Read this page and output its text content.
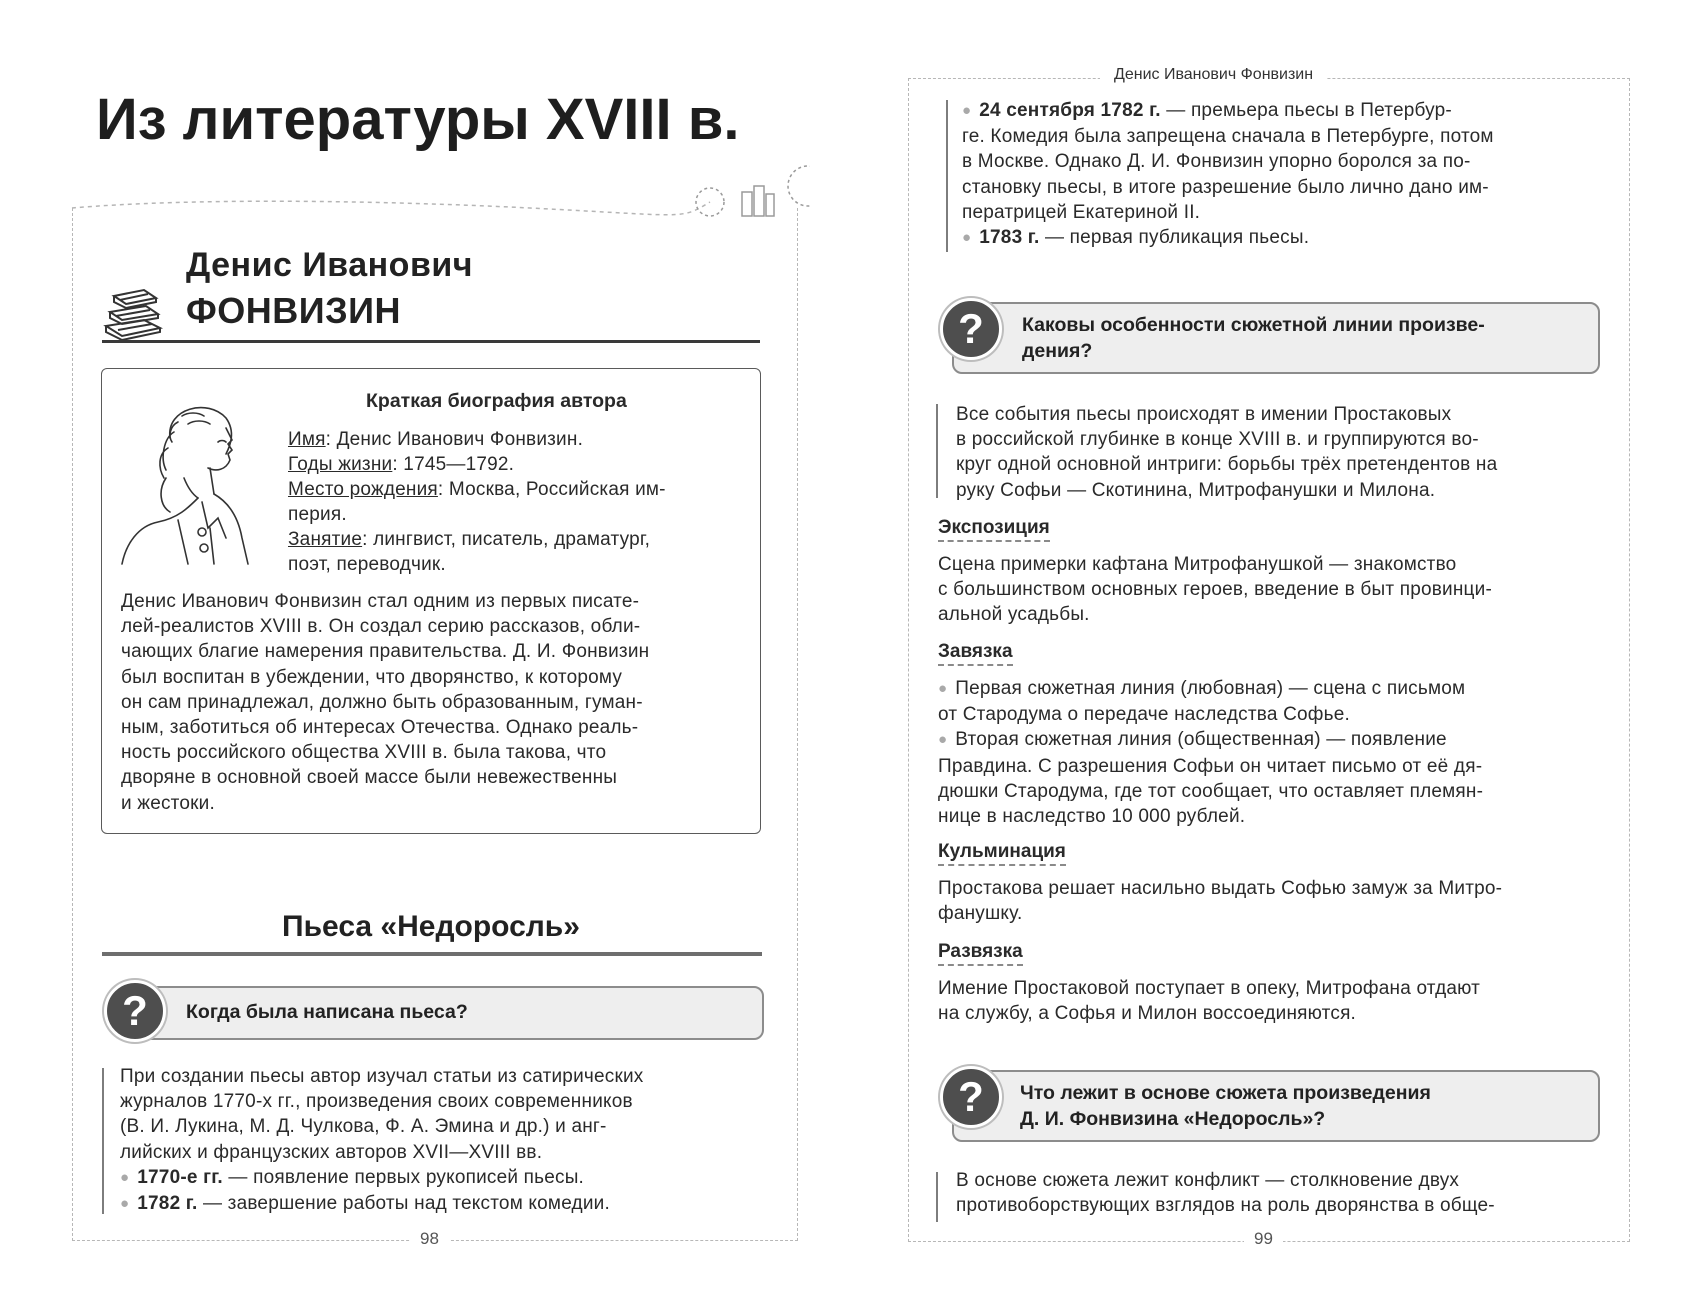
Из литературы XVIII в.
Денис Иванович
ФОНВИЗИН
Краткая биография автора
Имя: Денис Иванович Фонвизин.
Годы жизни: 1745—1792.
Место рождения: Москва, Российская им-
перия.
Занятие: лингвист, писатель, драматург,
поэт, переводчик.
Денис Иванович Фонвизин стал одним из первых писате-
лей-реалистов XVIII в. Он создал серию рассказов, обли-
чающих благие намерения правительства. Д. И. Фонвизин
был воспитан в убеждении, что дворянство, к которому
он сам принадлежал, должно быть образованным, гуман-
ным, заботиться об интересах Отечества. Однако реаль-
ность российского общества XVIII в. была такова, что
дворяне в основной своей массе были невежественны
и жестоки.
Пьеса «Недоросль»
?	Когда была написана пьеса?
При создании пьесы автор изучал статьи из сатирических
журналов 1770-х гг., произведения своих современников
(В. И. Лукина, М. Д. Чулкова, Ф. А. Эмина и др.) и анг-
лийских и французских авторов XVII—XVIII вв.
● 1770-е гг. — появление первых рукописей пьесы.
● 1782 г. — завершение работы над текстом комедии.
98
Денис Иванович Фонвизин
● 24 сентября 1782 г. — премьера пьесы в Петербур-
ге. Комедия была запрещена сначала в Петербурге, потом
в Москве. Однако Д. И. Фонвизин упорно боролся за по-
становку пьесы, в итоге разрешение было лично дано им-
ператрицей Екатериной II.
● 1783 г. — первая публикация пьесы.
?	Каковы особенности сюжетной линии произве-
дения?
Все события пьесы происходят в имении Простаковых
в российской глубинке в конце XVIII в. и группируются во-
круг одной основной интриги: борьбы трёх претендентов на
руку Софьи — Скотинина, Митрофанушки и Милона.
Экспозиция
Сцена примерки кафтана Митрофанушкой — знакомство
с большинством основных героев, введение в быт провинци-
альной усадьбы.
Завязка
● Первая сюжетная линия (любовная) — сцена с письмом
от Стародума о передаче наследства Софье.
● Вторая сюжетная линия (общественная) — появление
Правдина. С разрешения Софьи он читает письмо от её дя-
дюшки Стародума, где тот сообщает, что оставляет племян-
нице в наследство 10 000 рублей.
Кульминация
Простакова решает насильно выдать Софью замуж за Митро-
фанушку.
Развязка
Имение Простаковой поступает в опеку, Митрофана отдают
на службу, а Софья и Милон воссоединяются.
?	Что лежит в основе сюжета произведения
Д. И. Фонвизина «Недоросль»?
В основе сюжета лежит конфликт — столкновение двух
противоборствующих взглядов на роль дворянства в обще-
99
